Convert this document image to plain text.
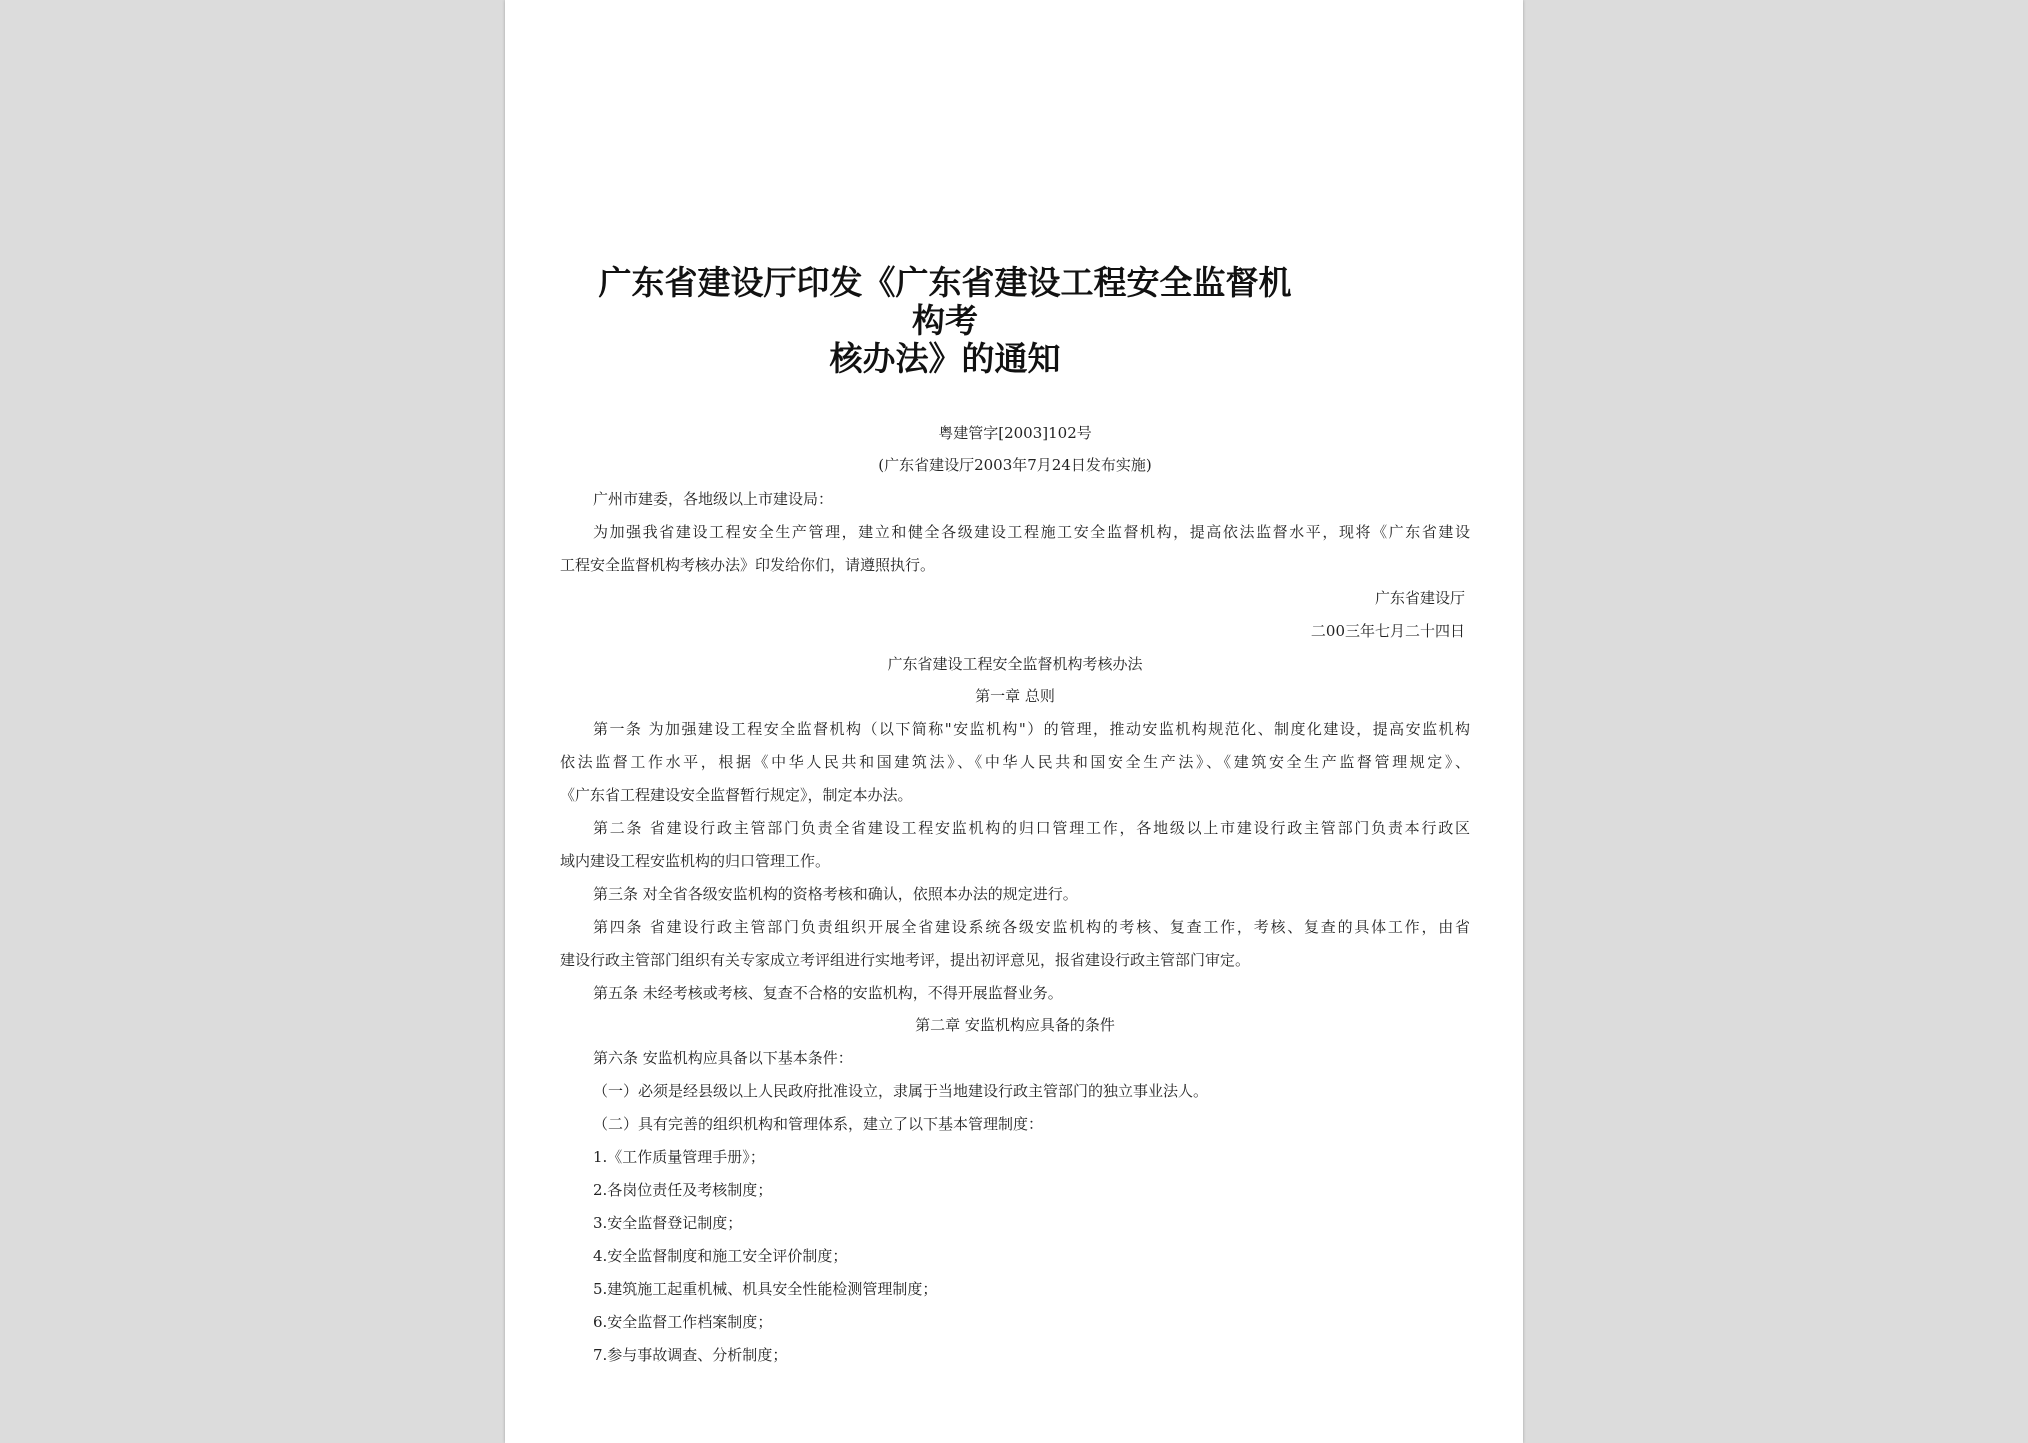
广东省建设厅印发《广东省建设工程安全监督机构考
核办法》的通知
粤建管字[2003]102号
(广东省建设厅2003年7月24日发布实施)
广州市建委，各地级以上市建设局：
为加强我省建设工程安全生产管理，建立和健全各级建设工程施工安全监督机构，提高依法监督水平，现将《广东省建设
工程安全监督机构考核办法》印发给你们，请遵照执行。
广东省建设厅
二00三年七月二十四日
广东省建设工程安全监督机构考核办法
第一章 总则
第一条 为加强建设工程安全监督机构（以下简称"安监机构"）的管理，推动安监机构规范化、制度化建设，提高安监机构
依法监督工作水平，根据《中华人民共和国建筑法》、《中华人民共和国安全生产法》、《建筑安全生产监督管理规定》、
《广东省工程建设安全监督暂行规定》，制定本办法。
第二条 省建设行政主管部门负责全省建设工程安监机构的归口管理工作，各地级以上市建设行政主管部门负责本行政区
域内建设工程安监机构的归口管理工作。
第三条 对全省各级安监机构的资格考核和确认，依照本办法的规定进行。
第四条 省建设行政主管部门负责组织开展全省建设系统各级安监机构的考核、复查工作，考核、复查的具体工作，由省
建设行政主管部门组织有关专家成立考评组进行实地考评，提出初评意见，报省建设行政主管部门审定。
第五条 未经考核或考核、复查不合格的安监机构，不得开展监督业务。
第二章 安监机构应具备的条件
第六条 安监机构应具备以下基本条件：
（一）必须是经县级以上人民政府批准设立，隶属于当地建设行政主管部门的独立事业法人。
（二）具有完善的组织机构和管理体系，建立了以下基本管理制度：
1.《工作质量管理手册》；
2.各岗位责任及考核制度；
3.安全监督登记制度；
4.安全监督制度和施工安全评价制度；
5.建筑施工起重机械、机具安全性能检测管理制度；
6.安全监督工作档案制度；
7.参与事故调查、分析制度；
